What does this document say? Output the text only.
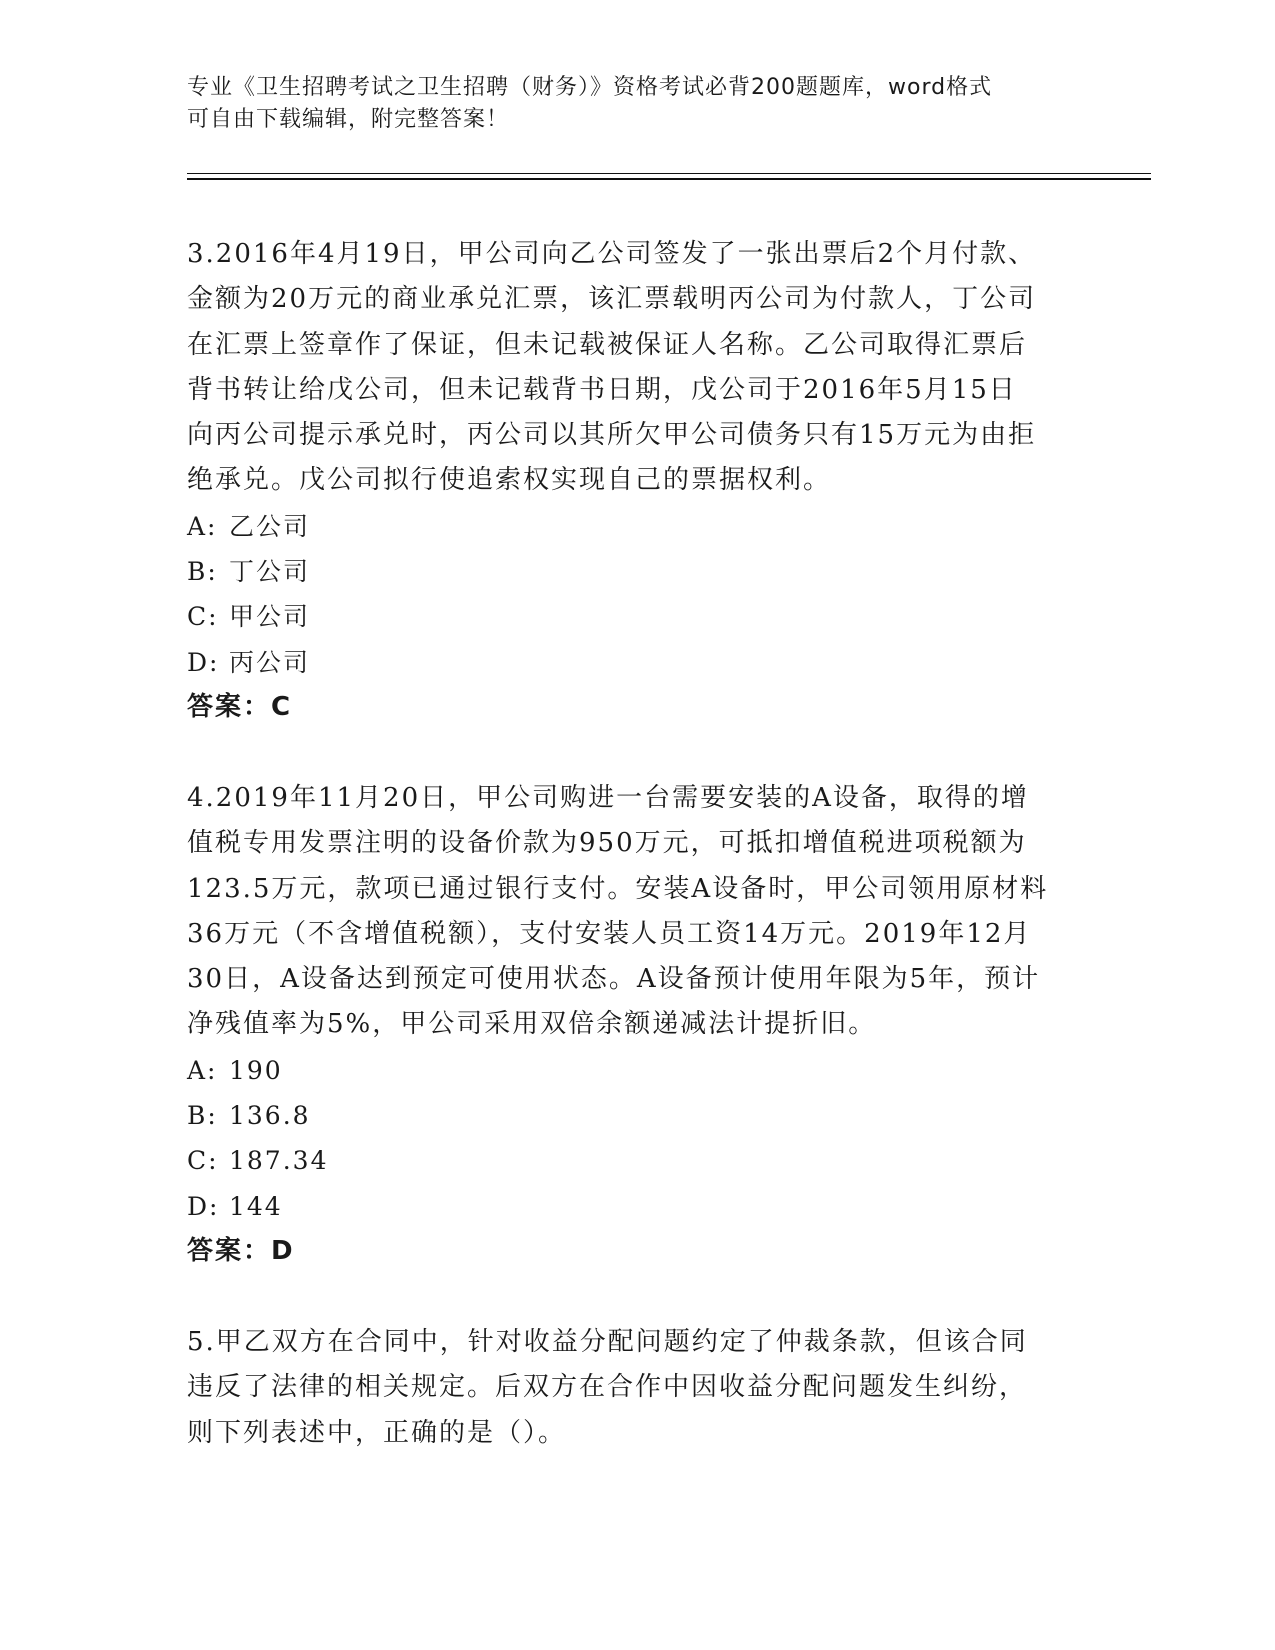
专业《卫生招聘考试之卫生招聘（财务）》资格考试必背200题题库，word格式
可自由下载编辑，附完整答案！
3.2016年4月19日，甲公司向乙公司签发了一张出票后2个月付款、
金额为20万元的商业承兑汇票，该汇票载明丙公司为付款人，丁公司
在汇票上签章作了保证，但未记载被保证人名称。乙公司取得汇票后
背书转让给戊公司，但未记载背书日期，戊公司于2016年5月15日
向丙公司提示承兑时，丙公司以其所欠甲公司债务只有15万元为由拒
绝承兑。戊公司拟行使追索权实现自己的票据权利。
A: 乙公司
B: 丁公司
C: 甲公司
D: 丙公司
答案：C
4.2019年11月20日，甲公司购进一台需要安装的A设备，取得的增
值税专用发票注明的设备价款为950万元，可抵扣增值税进项税额为
123.5万元，款项已通过银行支付。安装A设备时，甲公司领用原材料
36万元（不含增值税额），支付安装人员工资14万元。2019年12月
30日，A设备达到预定可使用状态。A设备预计使用年限为5年，预计
净残值率为5%，甲公司采用双倍余额递减法计提折旧。
A: 190
B: 136.8
C: 187.34
D: 144
答案：D
5.甲乙双方在合同中，针对收益分配问题约定了仲裁条款，但该合同
违反了法律的相关规定。后双方在合作中因收益分配问题发生纠纷，
则下列表述中，正确的是（）。
